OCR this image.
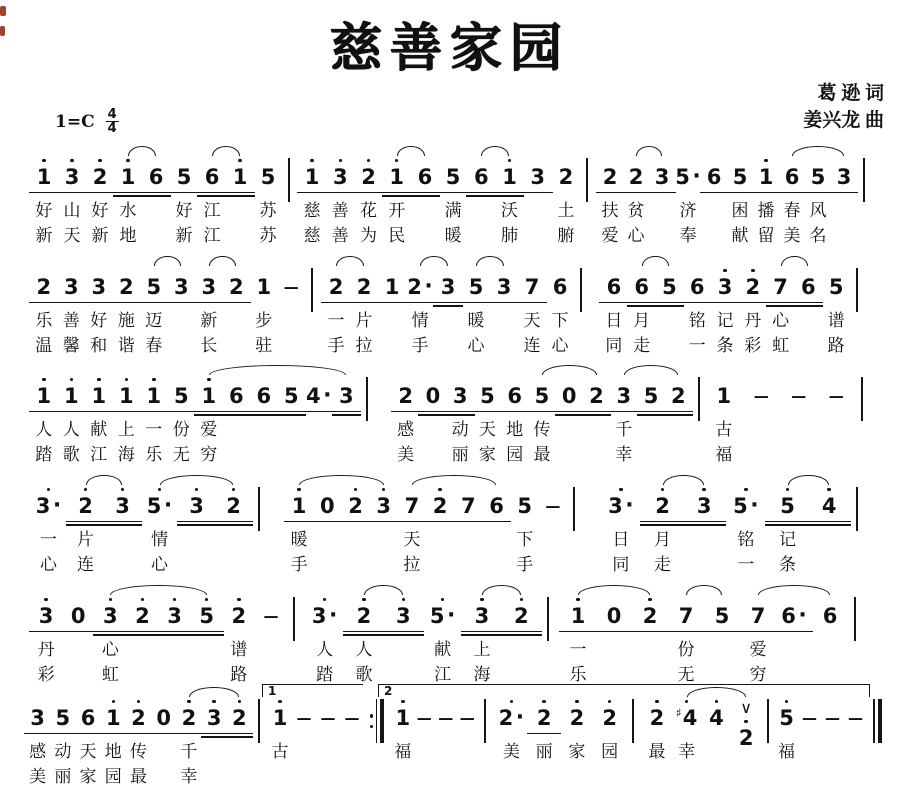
慈善家园
葛 逊 词
姜兴龙 曲
$1=C \frac{4}{4}$
1
好
新
3
山
天
2
好
新
1
水
地
6 5
好
新
6
江
江
1 5
苏
苏
1
慈
慈
3
善
善
2
花
为
1
开
民
6 5
满
暖
6 1
沃
肺
3 2
土
腑
2
扶
爱
2
贫
心
3 5 ·
济
奉
6 5
困
献
1
播
留
6
春
美
5
风
名
3
2
乐
温
3
善
馨
3
好
和
2
施
谐
5
迈
春
3 3
新
长
2 1
步
驻
— 2
一
手
2
片
拉
1 2 ·
情
手
3 5
暖
心
3 7
天
连
6
下
心
6
日
同
6
月
走
5 6
铭
一
3
记
条
2
丹
彩
7
心
虹
6 5
谱
路
1
人
踏
1
人
歌
1
献
江
1
上
海
1
一
乐
5
份
无
1
爱
穷
6 6 5 4 · 3 2
感
美
0 3
动
丽
5
天
家
6
地
园
5
传
最
0 2 3
千
幸
5 2 1
古
福
— — —
3 ·
一
心
2
片
连
3 5 ·
情
心
3 2 1
暖
手
0 2 3 7
天
拉
2 7 6 5
下
手
— 3 ·
日
同
2
月
走
3 5 ·
铭
一
5
记
条
4
3
丹
彩
0 3
心
虹
2 3 5 2
谱
路
— 3 ·
人
踏
2
人
歌
3 5 ·
献
江
3
上
海
2 1
一
乐
0 2 7
份
无
5 7
爱
穷
6 · 6
1	2
3
感
美
5
动
丽
6
天
家
1
地
园
2
传
最
0 2
千
幸
3 2 1
古
— — — 1
福
— — — 2 ·
美
2
丽
2
家
2
园
2
最
♯ 4
幸
4 ∨
2
5
福
— — —
